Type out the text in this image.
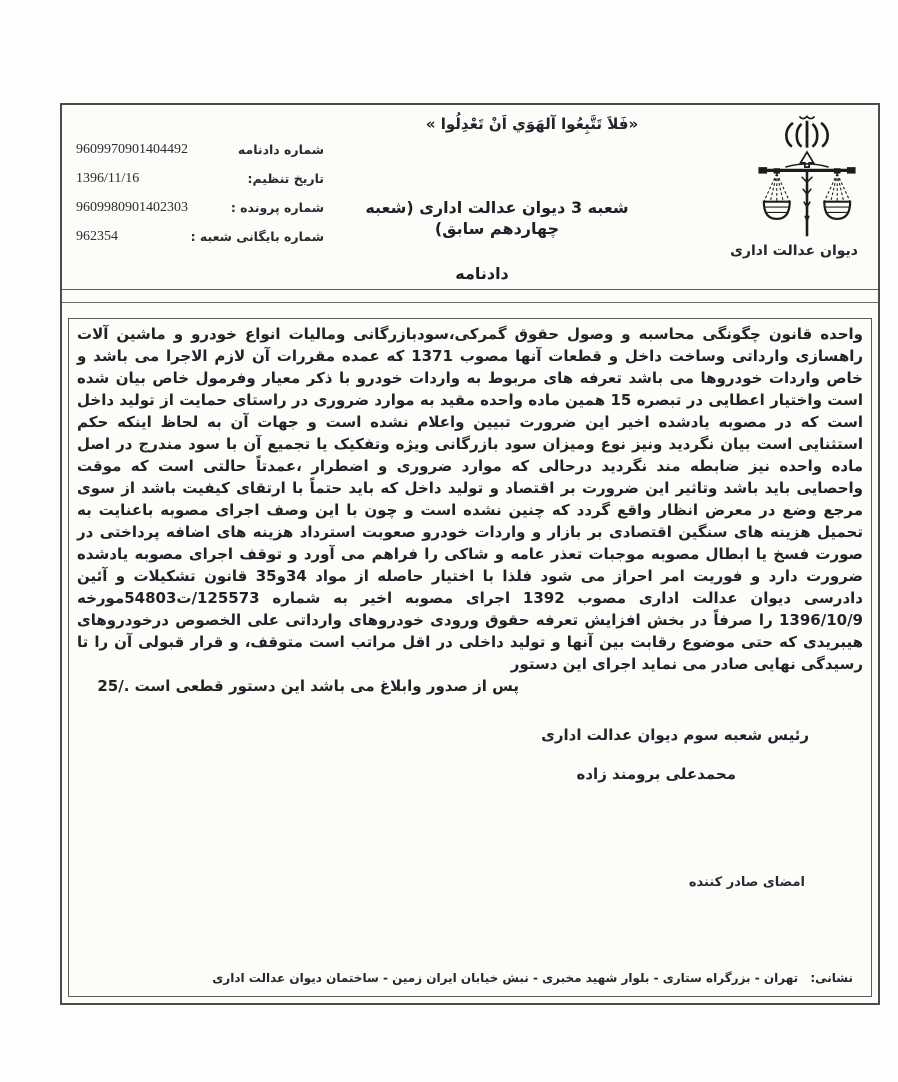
«فَلاَ تَتَّبِعُوا آلهَوَي اَنْ تَعْدِلُوا »
9609970901404492	شماره دادنامه
1396/11/16	تاریخ تنظیم:
9609980901402303	شماره پرونده :
962354	شماره بایگانی شعبه :
شعبه 3 دیوان عدالت اداری (شعبه چهاردهم سابق)
دیوان عدالت اداری
دادنامه
واحده قانون چگونگی محاسبه و وصول حقوق گمرکی،سودبازرگانی ومالیات انواع خودرو و ماشین آلات راهسازی وارداتی وساخت داخل و قطعات آنها مصوب 1371 که عمده مقررات آن لازم الاجرا می باشد و خاص واردات خودروها می باشد تعرفه های مربوط به واردات خودرو با ذکر معیار وفرمول خاص بیان شده است واختیار اعطایی در تبصره 15 همین ماده واحده مقید به موارد ضروری در راستای حمایت از تولید داخل است که در مصوبه یادشده اخیر این ضرورت تبیین واعلام نشده است و جهات آن به لحاظ اینکه حکم استثنایی است بیان نگردید ونیز نوع ومیزان سود بازرگانی ویژه وتفکیک یا تجمیع آن با سود مندرج در اصل ماده واحده نیز ضابطه مند نگردید درحالی که موارد ضروری و اضطرار ،عمدتاً حالتی است که موقت واحصایی باید باشد وتاثیر این ضرورت بر اقتصاد و تولید داخل که باید حتماً با ارتقای کیفیت باشد از سوی مرجع وضع در معرض انظار واقع گردد که چنین نشده است و چون با این وصف اجرای مصوبه باعنایت به تحمیل هزینه های سنگین اقتصادی بر بازار و واردات خودرو صعوبت استرداد هزینه های اضافه پرداختی در صورت فسخ یا ابطال مصوبه موجبات تعذر عامه و شاکی را فراهم می آورد و توقف اجرای مصوبه یادشده ضرورت دارد و فوریت امر احراز می شود فلذا با اختیار حاصله از مواد 34و35 قانون تشکیلات و آئین دادرسی دیوان عدالت اداری مصوب 1392 اجرای مصوبه اخیر به شماره 125573/ت54803مورخه 1396/10/9 را صرفاً در بخش افزایش تعرفه حقوق ورودی خودروهای وارداتی علی الخصوص درخودروهای هیبریدی که حتی موضوع رقابت بین آنها و تولید داخلی در اقل مراتب است متوقف، و قرار قبولی آن را تا رسیدگی نهایی صادر می نماید اجرای این دستور
پس از صدور وابلاغ می باشد این دستور قطعی است ./25
رئیس شعبه سوم دیوان عدالت اداری
محمدعلی برومند زاده
امضای صادر کننده
نشانی: تهران - بزرگراه ستاری - بلوار شهید مخبری - نبش خیابان ایران زمین - ساختمان دیوان عدالت اداری
